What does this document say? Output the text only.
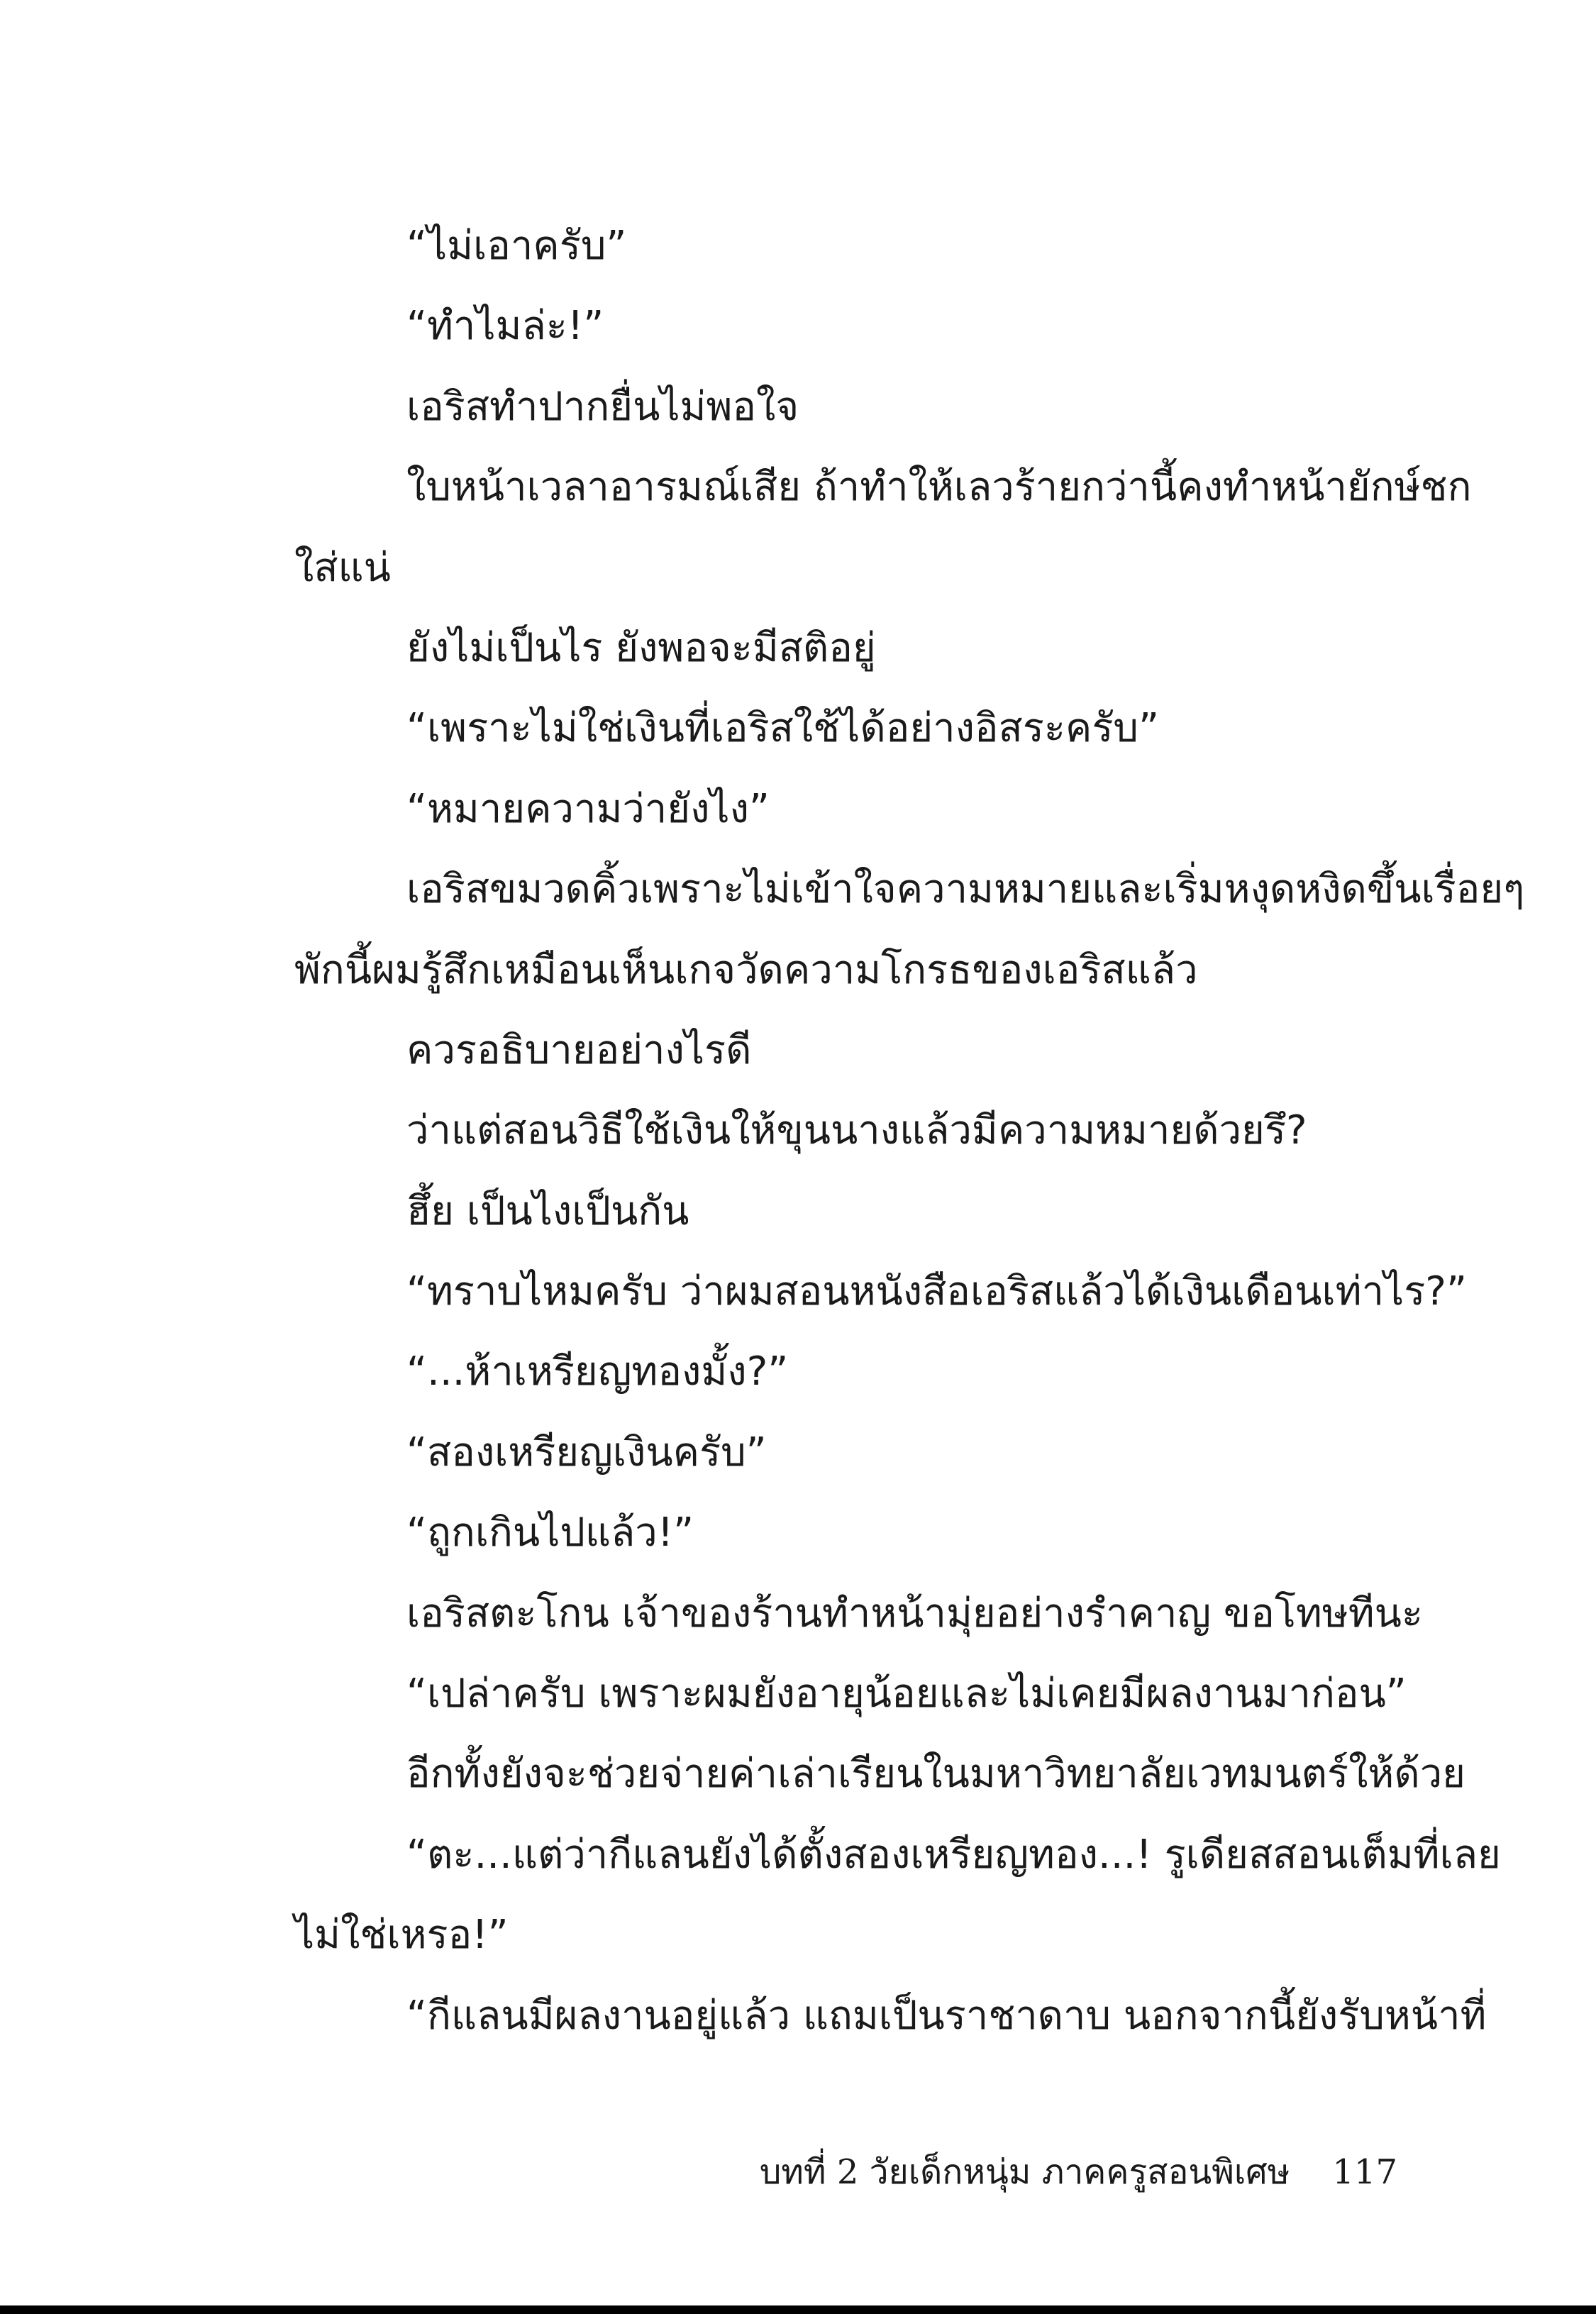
“ไม่เอาครับ”
“ทำไมล่ะ!”
เอริสทำปากยื่นไม่พอใจ
ใบหน้าเวลาอารมณ์เสีย ถ้าทำให้เลวร้ายกว่านี้คงทำหน้ายักษ์ชก
ใส่แน่
ยังไม่เป็นไร ยังพอจะมีสติอยู่
“เพราะไม่ใช่เงินที่เอริสใช้ได้อย่างอิสระครับ”
“หมายความว่ายังไง”
เอริสขมวดคิ้วเพราะไม่เข้าใจความหมายและเริ่มหงุดหงิดขึ้นเรื่อยๆ
พักนี้ผมรู้สึกเหมือนเห็นเกจวัดความโกรธของเอริสแล้ว
ควรอธิบายอย่างไรดี
ว่าแต่สอนวิธีใช้เงินให้ขุนนางแล้วมีความหมายด้วยรึ?
ฮึ้ย เป็นไงเป็นกัน
“ทราบไหมครับ ว่าผมสอนหนังสือเอริสแล้วได้เงินเดือนเท่าไร?”
“...ห้าเหรียญทองมั้ง?”
“สองเหรียญเงินครับ”
“ถูกเกินไปแล้ว!”
เอริสตะโกน เจ้าของร้านทำหน้ามุ่ยอย่างรำคาญ ขอโทษทีนะ
“เปล่าครับ เพราะผมยังอายุน้อยและไม่เคยมีผลงานมาก่อน”
อีกทั้งยังจะช่วยจ่ายค่าเล่าเรียนในมหาวิทยาลัยเวทมนตร์ให้ด้วย
“ตะ...แต่ว่ากีแลนยังได้ตั้งสองเหรียญทอง...! รูเดียสสอนเต็มที่เลย
ไม่ใช่เหรอ!”
“กีแลนมีผลงานอยู่แล้ว แถมเป็นราชาดาบ นอกจากนี้ยังรับหน้าที่
บทที่ 2 วัยเด็กหนุ่ม ภาคครูสอนพิเศษ 117
